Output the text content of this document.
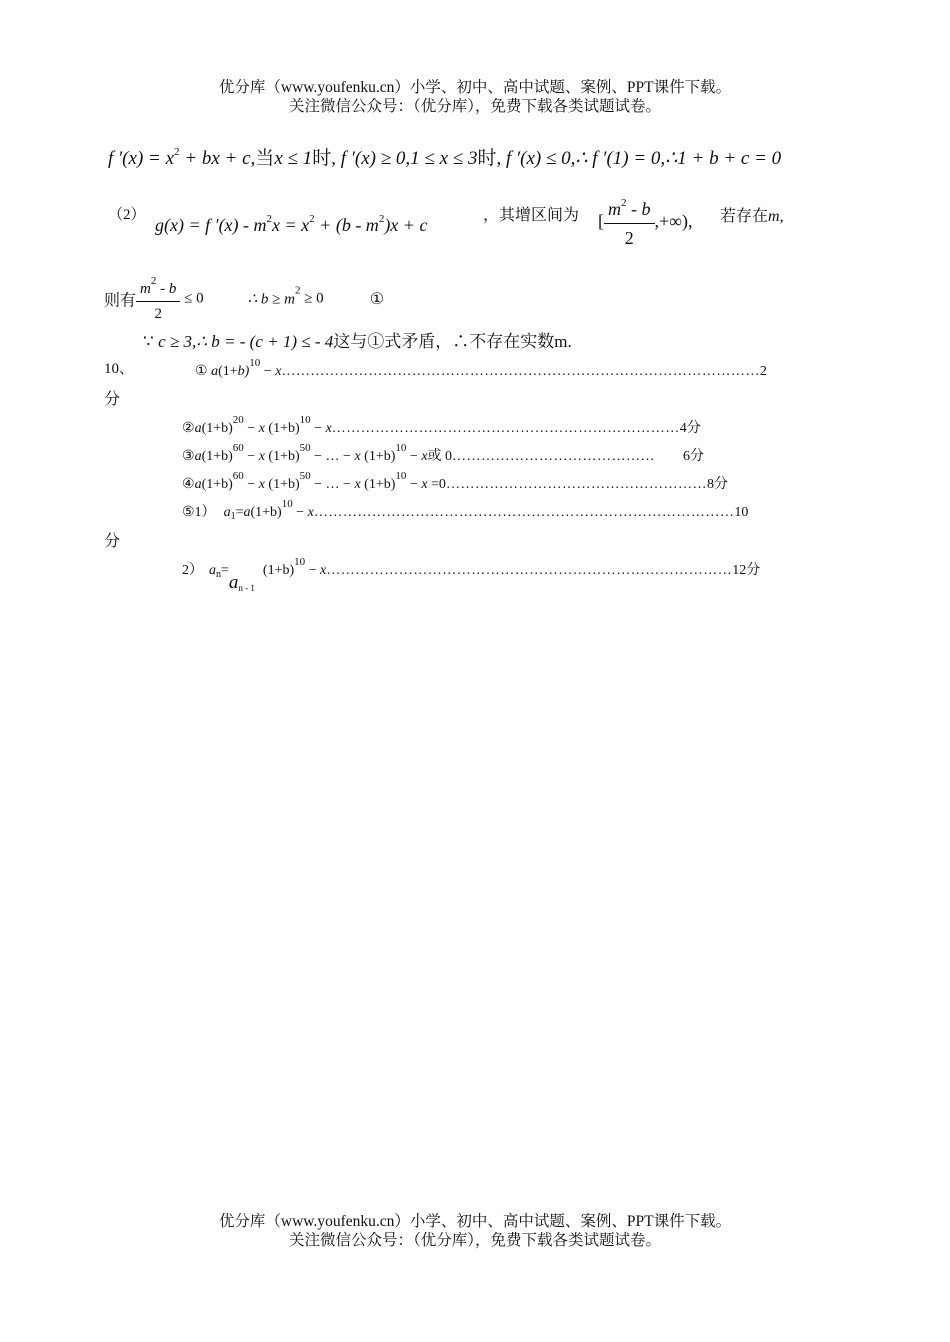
优分库（www.youfenku.cn）小学、初中、高中试题、案例、PPT课件下载。
关注微信公众号：（优分库），免费下载各类试题试卷。
f $'(x) = x^2$ + bx + c,当x ≤ 1时, f ′(x) ≥ 0,1 ≤ x ≤ 3时, f ′(x) ≤ 0,∴ f ′(1) = 0,∴1 + b + c = 0
（2） g(x) = f $'(x) - m^2x = x^2 + (b - m^2)x + c$	，其增区间为 [ $\frac{m^2 - b}{2}$ ,+∞), 若存在m,
则有 $\frac{m^2 - b}{2} \le 0$	∴ $b \ge m^2 \ge 0$	①
∵ c ≥ 3,∴ b = - (c + 1) ≤ - 4这与①式矛盾，∴不存在实数m.
10、	① $a(1+b)^{10}$ − x………………………………………………………………………………………2
分
$②a(1+b)^{20} - x$ $(1+b)^{10}$ − x………………………………………………………………4分
$③a(1+b)^{60} - x$ $(1+b)^{50}$ − … − x $(1+b)^{10} - x$或 0…………………………………… 6分
$④a(1+b)^{60} - x$ $(1+b)^{50}$ − … − x $(1+b)^{10} - x$ =0………………………………………………8分
⑤1） $a_1=a(1+b)^{10}$ − x……………………………………………………………………………10
分
2） $a_n=a_{n - 1}(1+b)^{10}$ − x…………………………………………………………………………12分
优分库（www.youfenku.cn）小学、初中、高中试题、案例、PPT课件下载。
关注微信公众号：（优分库），免费下载各类试题试卷。
